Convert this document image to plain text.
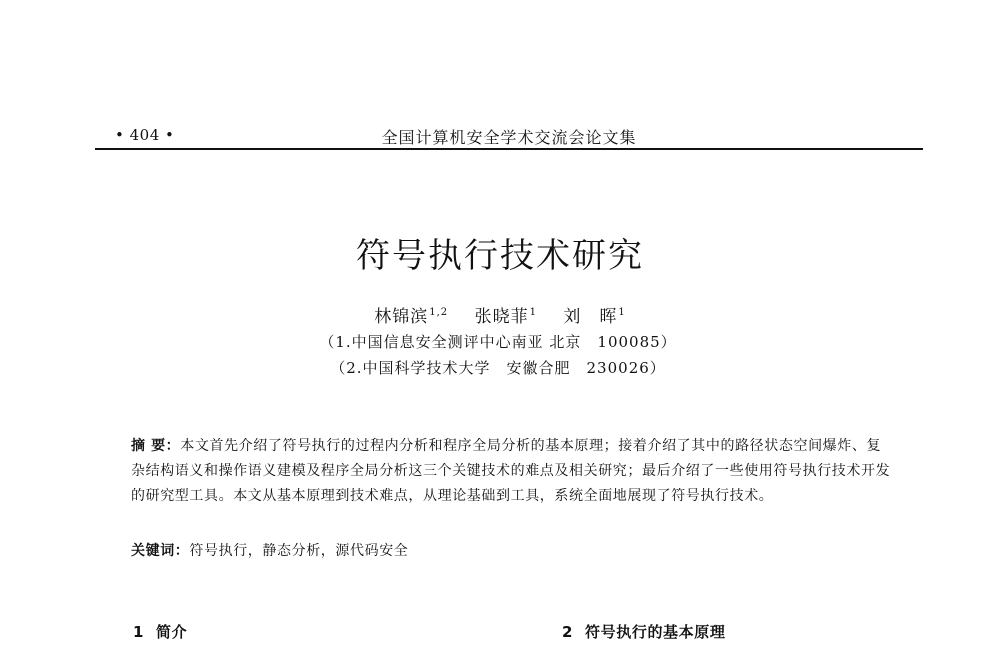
• 404 •	全国计算机安全学术交流会论文集
符号执行技术研究
林锦滨$^{1,2}$ 张晓菲$^1$ 刘　晖$^1$
（1.中国信息安全测评中心南亚 北京　100085）
（2.中国科学技术大学　安徽合肥　230026）
摘 要：本文首先介绍了符号执行的过程内分析和程序全局分析的基本原理；接着介绍了其中的路径状态空间爆炸、复杂结构语义和操作语义建模及程序全局分析这三个关键技术的难点及相关研究；最后介绍了一些使用符号执行技术开发的研究型工具。本文从基本原理到技术难点，从理论基础到工具，系统全面地展现了符号执行技术。
关键词：符号执行，静态分析，源代码安全
1 简介	2 符号执行的基本原理
